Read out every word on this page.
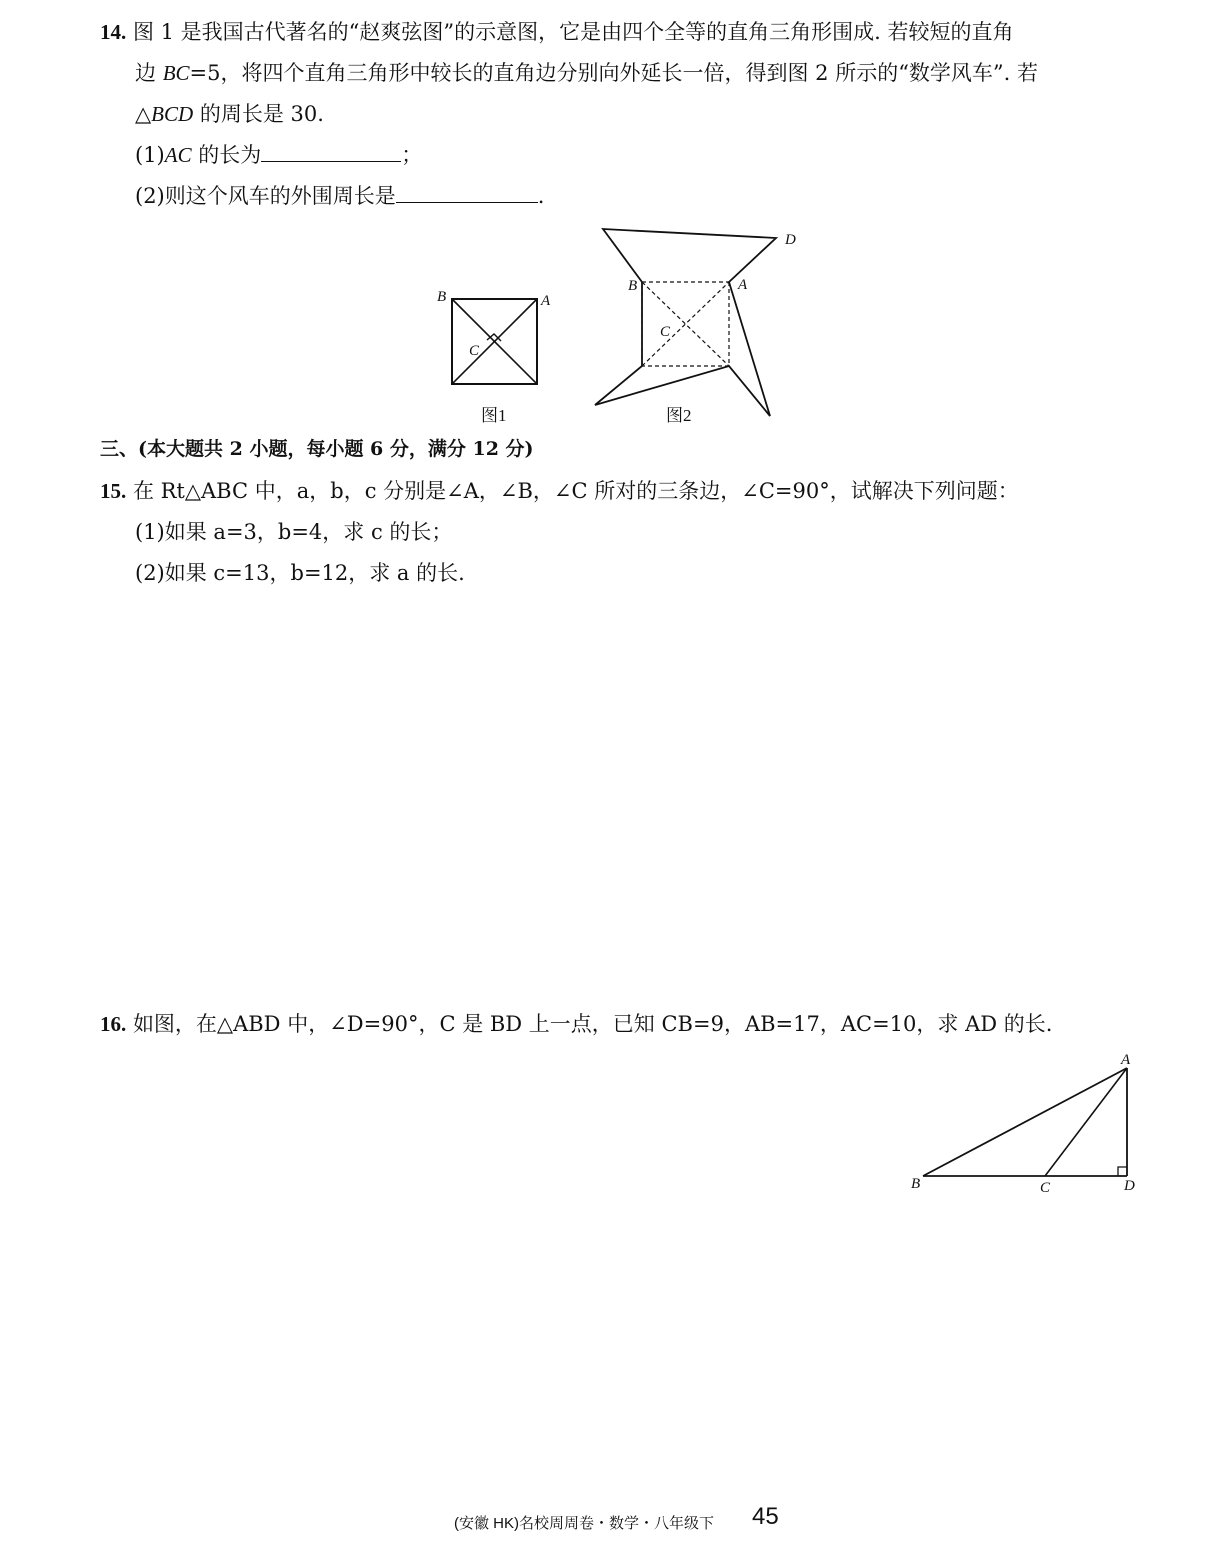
14. 图 1 是我国古代著名的“赵爽弦图”的示意图，它是由四个全等的直角三角形围成. 若较短的直角
边 BC=5，将四个直角三角形中较长的直角边分别向外延长一倍，得到图 2 所示的“数学风车”. 若
△BCD 的周长是 30.
(1)AC 的长为	；
(2)则这个风车的外围周长是	.
B	A
C
图1
B	A
C
D
图2
三、(本大题共 2 小题，每小题 6 分，满分 12 分)
15. 在 Rt△ABC 中，a，b，c 分别是∠A，∠B，∠C 所对的三条边，∠C=90°，试解决下列问题：
(1)如果 a=3，b=4，求 c 的长；
(2)如果 c=13，b=12，求 a 的长.
16. 如图，在△ABD 中，∠D=90°，C 是 BD 上一点，已知 CB=9，AB=17，AC=10，求 AD 的长.
A
B	C	D
(安徽 HK)名校周周卷・数学・八年级下 45
